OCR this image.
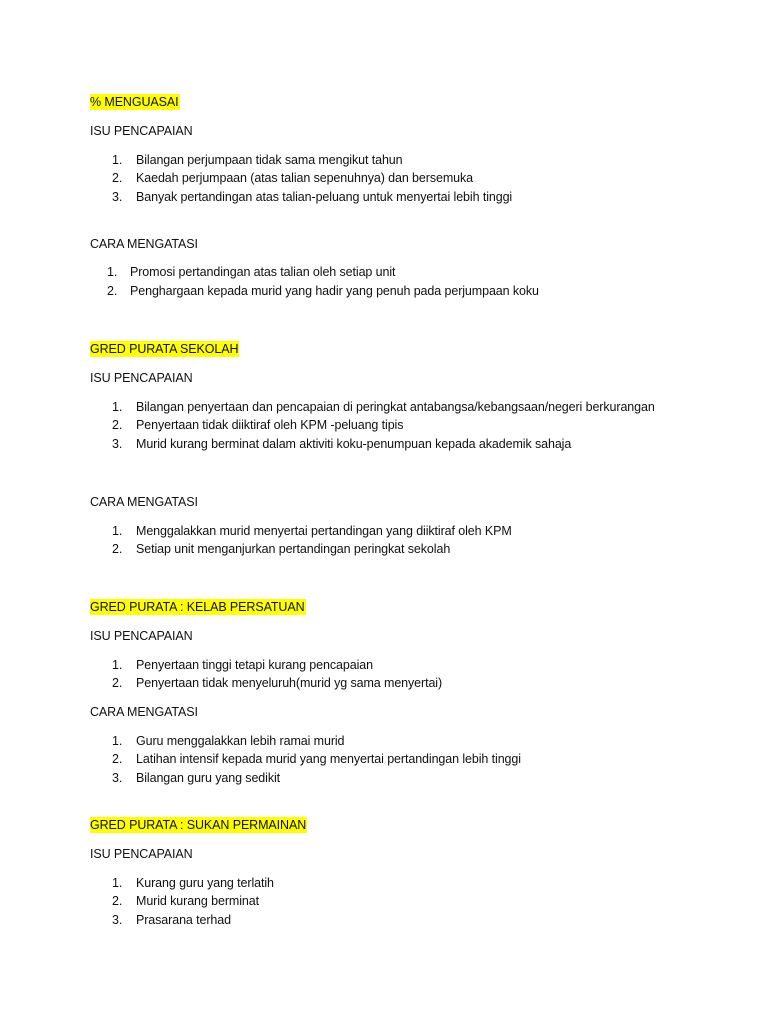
% MENGUASAI
ISU PENCAPAIAN
1.	Bilangan perjumpaan tidak sama mengikut tahun
2.	Kaedah perjumpaan (atas talian sepenuhnya) dan bersemuka
3.	Banyak pertandingan atas talian-peluang untuk menyertai lebih tinggi
CARA MENGATASI
1.	Promosi pertandingan atas talian oleh setiap unit
2.	Penghargaan kepada murid yang hadir yang penuh pada perjumpaan koku
GRED PURATA SEKOLAH
ISU PENCAPAIAN
1.	Bilangan penyertaan dan pencapaian di peringkat antabangsa/kebangsaan/negeri berkurangan
2.	Penyertaan tidak diiktiraf oleh KPM -peluang tipis
3.	Murid kurang berminat dalam aktiviti koku-penumpuan kepada akademik sahaja
CARA MENGATASI
1.	Menggalakkan murid menyertai pertandingan yang diiktiraf oleh KPM
2.	Setiap unit menganjurkan pertandingan peringkat sekolah
GRED PURATA : KELAB PERSATUAN
ISU PENCAPAIAN
1.	Penyertaan tinggi tetapi kurang pencapaian
2.	Penyertaan tidak menyeluruh(murid yg sama menyertai)
CARA MENGATASI
1.	Guru menggalakkan lebih ramai murid
2.	Latihan intensif kepada murid yang menyertai pertandingan lebih tinggi
3.	Bilangan guru yang sedikit
GRED PURATA : SUKAN PERMAINAN
ISU PENCAPAIAN
1.	Kurang guru yang terlatih
2.	Murid kurang berminat
3.	Prasarana terhad
